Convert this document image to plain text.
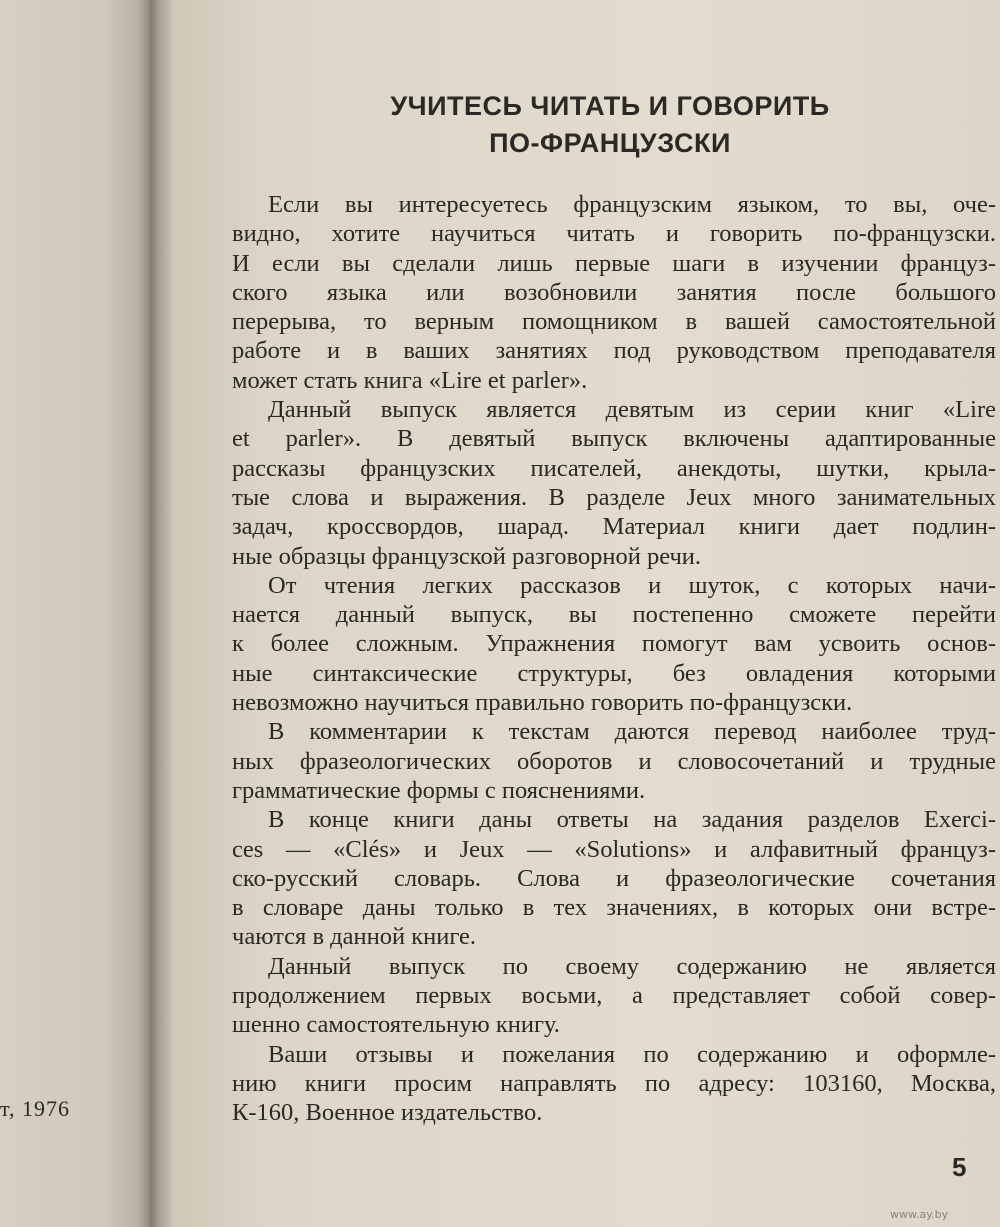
т, 1976
УЧИТЕСЬ ЧИТАТЬ И ГОВОРИТЬ
ПО-ФРАНЦУЗСКИ
Если вы интересуетесь французским языком, то вы, оче-
видно, хотите научиться читать и говорить по-французски.
И если вы сделали лишь первые шаги в изучении француз-
ского языка или возобновили занятия после большого
перерыва, то верным помощником в вашей самостоятельной
работе и в ваших занятиях под руководством преподавателя
может стать книга «Lire et parler».
Данный выпуск является девятым из серии книг «Lire
et parler». В девятый выпуск включены адаптированные
рассказы французских писателей, анекдоты, шутки, крыла-
тые слова и выражения. В разделе Jeux много занимательных
задач, кроссвордов, шарад. Материал книги дает подлин-
ные образцы французской разговорной речи.
От чтения легких рассказов и шуток, с которых начи-
нается данный выпуск, вы постепенно сможете перейти
к более сложным. Упражнения помогут вам усвоить основ-
ные синтаксические структуры, без овладения которыми
невозможно научиться правильно говорить по-французски.
В комментарии к текстам даются перевод наиболее труд-
ных фразеологических оборотов и словосочетаний и трудные
грамматические формы с пояснениями.
В конце книги даны ответы на задания разделов Exerci-
ces — «Clés» и Jeux — «Solutions» и алфавитный француз-
ско-русский словарь. Слова и фразеологические сочетания
в словаре даны только в тех значениях, в которых они встре-
чаются в данной книге.
Данный выпуск по своему содержанию не является
продолжением первых восьми, а представляет собой совер-
шенно самостоятельную книгу.
Ваши отзывы и пожелания по содержанию и оформле-
нию книги просим направлять по адресу: 103160, Москва,
К-160, Военное издательство.
5
www.ay.by
